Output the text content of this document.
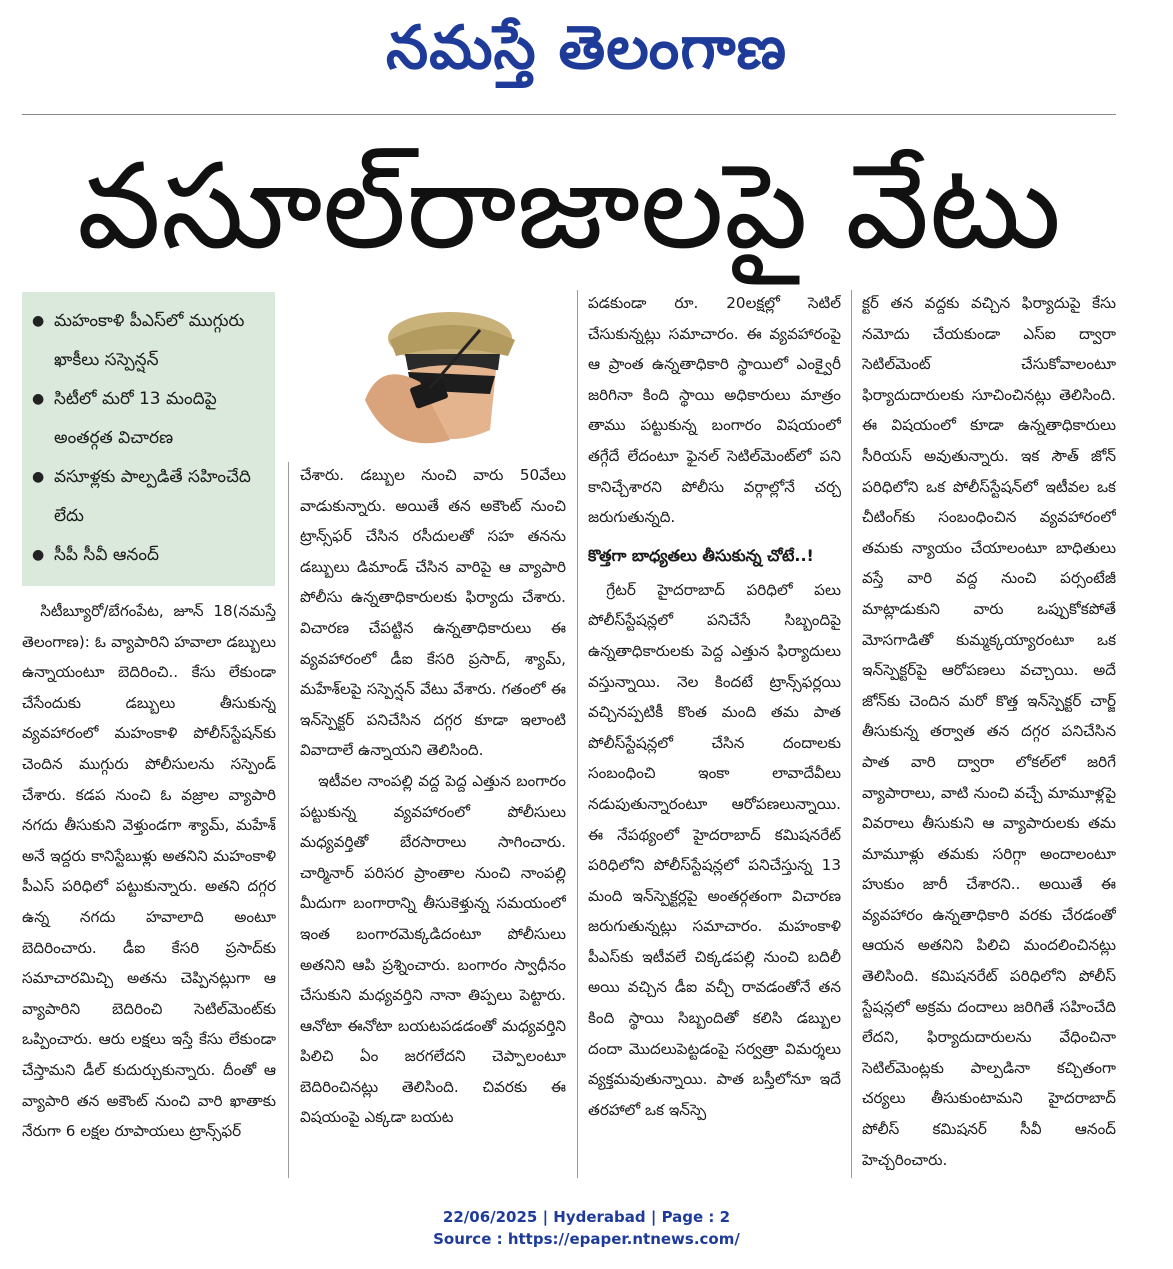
నమస్తే తెలంగాణ
వసూల్‌రాజాలపై వేటు
● మహంకాళి పీఎస్‌లో ముగ్గురు ఖాకీలు సస్పెన్షన్‌
● సిటీలో మరో 13 మందిపై అంతర్గత విచారణ
● వసూళ్లకు పాల్పడితే సహించేది లేదు
● సీపీ సీవీ ఆనంద్‌

సిటీబ్యూరో/బేగంపేట, జూన్‌ 18(నమస్తే తెలంగాణ): ఓ వ్యాపారిని హవాలా డబ్బులు ఉన్నాయంటూ బెదిరించి.. కేసు లేకుండా చేసేందుకు డబ్బులు తీసుకున్న వ్యవహారంలో మహంకాళి పోలీస్‌స్టేషన్‌కు చెందిన ముగ్గురు పోలీసులను సస్పెండ్‌ చేశారు. కడప నుంచి ఓ వజ్రాల వ్యాపారి నగదు తీసుకుని వెళ్తుండగా శ్యామ్‌, మహేశ్‌ అనే ఇద్దరు కానిస్టేబుళ్లు అతనిని మహంకాళి పీఎస్‌ పరిధిలో పట్టుకున్నారు. అతని దగ్గర ఉన్న నగదు హవాలాది అంటూ బెదిరించారు. డీఐ కేసరి ప్రసాద్‌కు సమాచారమిచ్చి అతను చెప్పినట్లుగా ఆ వ్యాపారిని బెదిరించి సెటిల్‌మెంట్‌కు ఒప్పించారు. ఆరు లక్షలు ఇస్తే కేసు లేకుండా చేస్తామని డీల్‌ కుదుర్చుకున్నారు. దీంతో ఆ వ్యాపారి తన అకౌంట్‌ నుంచి వారి ఖాతాకు నేరుగా 6 లక్షల రూపాయలు ట్రాన్స్‌ఫర్‌

చేశారు. డబ్బుల నుంచి వారు 50వేలు వాడుకున్నారు. అయితే తన అకౌంట్‌ నుంచి ట్రాన్స్‌ఫర్‌ చేసిన రసీదులతో సహ తనను డబ్బులు డిమాండ్‌ చేసిన వారిపై ఆ వ్యాపారి పోలీసు ఉన్నతాధికారులకు ఫిర్యాదు చేశారు. విచారణ చేపట్టిన ఉన్నతాధికారులు ఈ వ్యవహారంలో డీఐ కేసరి ప్రసాద్‌, శ్యామ్‌, మహేశ్‌లపై సస్పెన్షన్‌ వేటు వేశారు. గతంలో ఈ ఇన్‌స్పెక్టర్‌ పనిచేసిన దగ్గర కూడా ఇలాంటి వివాదాలే ఉన్నాయని తెలిసింది.

ఇటీవల నాంపల్లి వద్ద పెద్ద ఎత్తున బంగారం పట్టుకున్న వ్యవహారంలో పోలీసులు మధ్యవర్తితో బేరసారాలు సాగించారు. చార్మినార్‌ పరిసర ప్రాంతాల నుంచి నాంపల్లి మీదుగా బంగారాన్ని తీసుకెళ్తున్న సమయంలో ఇంత బంగారమెక్కడిదంటూ పోలీసులు అతనిని ఆపి ప్రశ్నించారు. బంగారం స్వాధీనం చేసుకుని మధ్యవర్తిని నానా తిప్పలు పెట్టారు. ఆనోటా ఈనోటా బయటపడడంతో మధ్యవర్తిని పిలిచి ఏం జరగలేదని చెప్పాలంటూ బెదిరించినట్లు తెలిసింది. చివరకు ఈ విషయంపై ఎక్కడా బయట

పడకుండా రూ. 20లక్షల్లో సెటిల్‌ చేసుకున్నట్లు సమాచారం. ఈ వ్యవహారంపై ఆ ప్రాంత ఉన్నతాధికారి స్థాయిలో ఎంక్వైరీ జరిగినా కింది స్థాయి అధికారులు మాత్రం తాము పట్టుకున్న బంగారం విషయంలో తగ్గేదే లేదంటూ ఫైనల్‌ సెటిల్‌మెంట్‌లో పని కానిచ్చేశారని పోలీసు వర్గాల్లోనే చర్చ జరుగుతున్నది.

కొత్తగా బాధ్యతలు తీసుకున్న చోటే..!

గ్రేటర్‌ హైదరాబాద్‌ పరిధిలో పలు పోలీస్‌స్టేషన్లలో పనిచేసే సిబ్బందిపై ఉన్నతాధికారులకు పెద్ద ఎత్తున ఫిర్యాదులు వస్తున్నాయి. నెల కిందటే ట్రాన్స్‌ఫర్లయి వచ్చినప్పటికీ కొంత మంది తమ పాత పోలీస్‌స్టేషన్లలో చేసిన దందాలకు సంబంధించి ఇంకా లావాదేవీలు నడుపుతున్నారంటూ ఆరోపణలున్నాయి. ఈ నేపథ్యంలో హైదరాబాద్‌ కమిషనరేట్‌ పరిధిలోని పోలీస్‌స్టేషన్లలో పనిచేస్తున్న 13 మంది ఇన్‌స్పెక్టర్లపై అంతర్గతంగా విచారణ జరుగుతున్నట్లు సమాచారం. మహంకాళి పీఎస్‌కు ఇటీవలే చిక్కడపల్లి నుంచి బదిలీ అయి వచ్చిన డీఐ వచ్చీ రావడంతోనే తన కింది స్థాయి సిబ్బందితో కలిసి డబ్బుల దందా మొదలుపెట్టడంపై సర్వత్రా విమర్శలు వ్యక్తమవుతున్నాయి. పాత బస్తీలోనూ ఇదే తరహాలో ఒక ఇన్‌స్పె

క్టర్‌ తన వద్దకు వచ్చిన ఫిర్యాదుపై కేసు నమోదు చేయకుండా ఎస్‌ఐ ద్వారా సెటిల్‌మెంట్‌ చేసుకోవాలంటూ ఫిర్యాదుదారులకు సూచించినట్లు తెలిసింది. ఈ విషయంలో కూడా ఉన్నతాధికారులు సీరియస్‌ అవుతున్నారు. ఇక సౌత్‌ జోన్‌ పరిధిలోని ఒక పోలీస్‌స్టేషన్‌లో ఇటీవల ఒక చీటింగ్‌కు సంబంధించిన వ్యవహారంలో తమకు న్యాయం చేయాలంటూ బాధితులు వస్తే వారి వద్ద నుంచి పర్సంటేజీ మాట్లాడుకుని వారు ఒప్పుకోకపోతే మోసగాడితో కుమ్మక్కయ్యారంటూ ఒక ఇన్‌స్పెక్టర్‌పై ఆరోపణలు వచ్చాయి. అదే జోన్‌కు చెందిన మరో కొత్త ఇన్‌స్పెక్టర్‌ చార్జ్‌ తీసుకున్న తర్వాత తన దగ్గర పనిచేసిన పాత వారి ద్వారా లోకల్‌లో జరిగే వ్యాపారాలు, వాటి నుంచి వచ్చే మామూళ్లపై వివరాలు తీసుకుని ఆ వ్యాపారులకు తమ మామూళ్లు తమకు సరిగ్గా అందాలంటూ హుకుం జారీ చేశారని.. అయితే ఈ వ్యవహారం ఉన్నతాధికారి వరకు చేరడంతో ఆయన అతనిని పిలిచి మందలించినట్లు తెలిసింది. కమిషనరేట్‌ పరిధిలోని పోలీస్‌ స్టేషన్లలో అక్రమ దందాలు జరిగితే సహించేది లేదని, ఫిర్యాదుదారులను వేధించినా సెటిల్‌మెంట్లకు పాల్పడినా కచ్చితంగా చర్యలు తీసుకుంటామని హైదరాబాద్‌ పోలీస్‌ కమిషనర్‌ సీవీ ఆనంద్‌ హెచ్చరించారు.

22/06/2025 | Hyderabad | Page : 2
Source : https://epaper.ntnews.com/
